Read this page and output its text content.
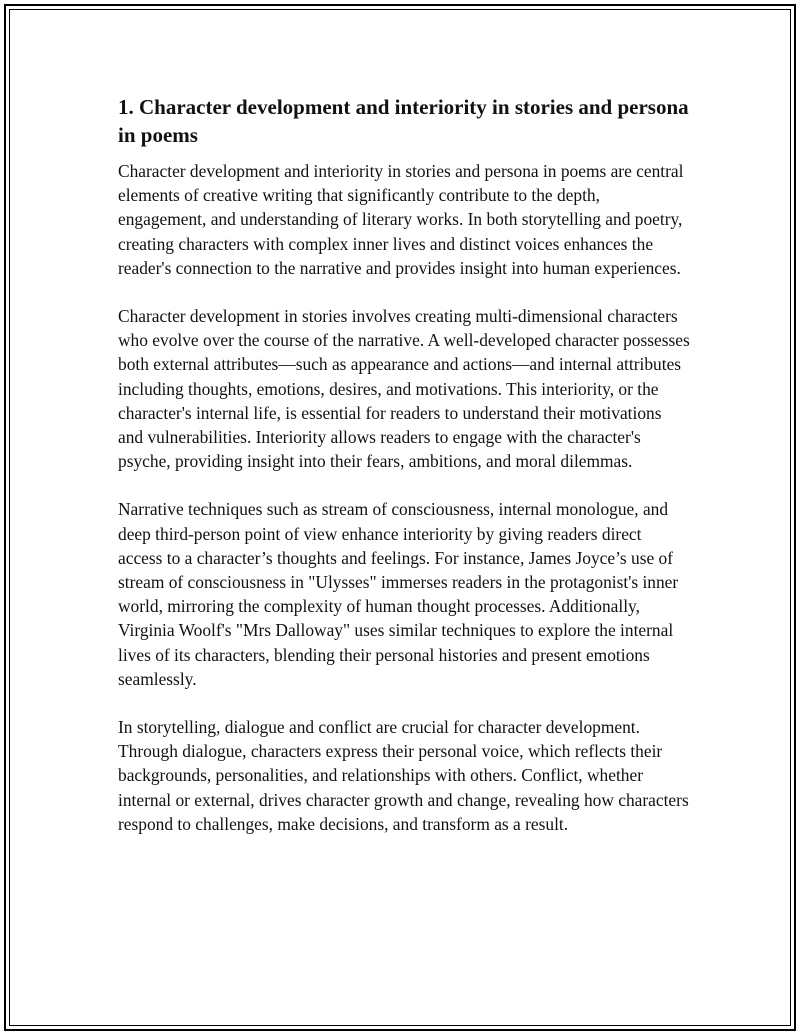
1. Character development and interiority in stories and persona in poems

Character development and interiority in stories and persona in poems are central elements of creative writing that significantly contribute to the depth, engagement, and understanding of literary works. In both storytelling and poetry, creating characters with complex inner lives and distinct voices enhances the reader's connection to the narrative and provides insight into human experiences.

Character development in stories involves creating multi-dimensional characters who evolve over the course of the narrative. A well-developed character possesses both external attributes—such as appearance and actions—and internal attributes including thoughts, emotions, desires, and motivations. This interiority, or the character's internal life, is essential for readers to understand their motivations and vulnerabilities. Interiority allows readers to engage with the character's psyche, providing insight into their fears, ambitions, and moral dilemmas.

Narrative techniques such as stream of consciousness, internal monologue, and deep third-person point of view enhance interiority by giving readers direct access to a character’s thoughts and feelings. For instance, James Joyce’s use of stream of consciousness in "Ulysses" immerses readers in the protagonist's inner world, mirroring the complexity of human thought processes. Additionally, Virginia Woolf's "Mrs Dalloway" uses similar techniques to explore the internal lives of its characters, blending their personal histories and present emotions seamlessly.

In storytelling, dialogue and conflict are crucial for character development. Through dialogue, characters express their personal voice, which reflects their backgrounds, personalities, and relationships with others. Conflict, whether internal or external, drives character growth and change, revealing how characters respond to challenges, make decisions, and transform as a result.
